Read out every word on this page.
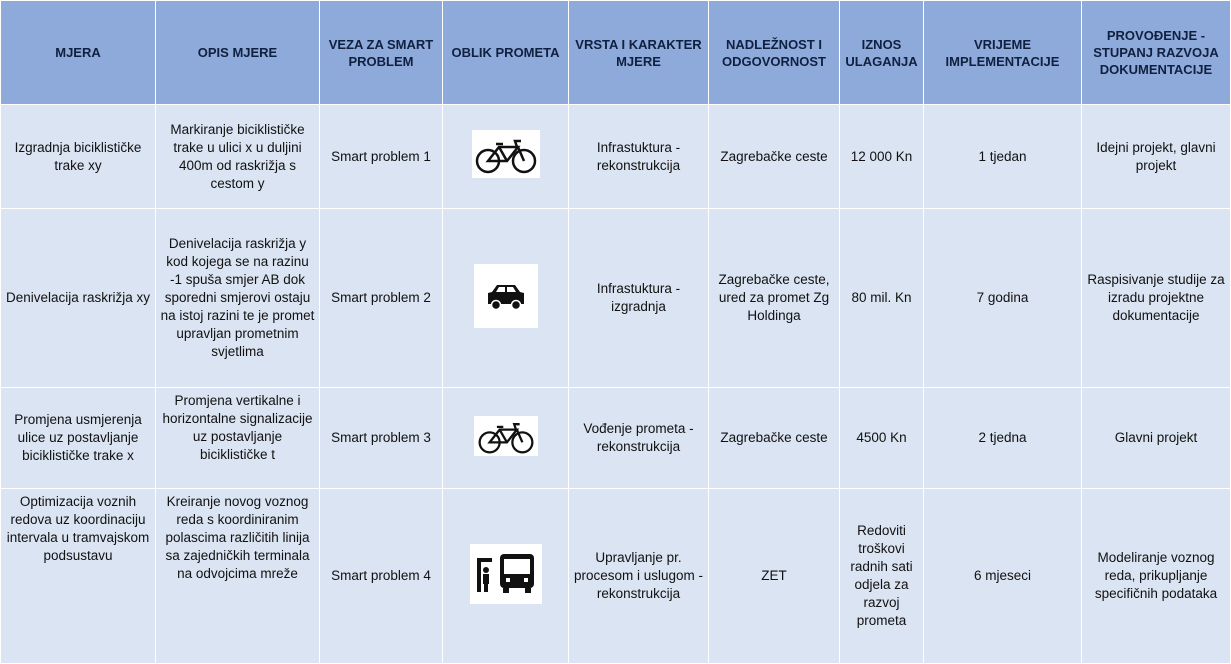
MJERA	OPIS MJERE	VEZA ZA SMART PROBLEM	OBLIK PROMETA	VRSTA I KARAKTER MJERE	NADLEŽNOST I ODGOVORNOST	IZNOS ULAGANJA	VRIJEME IMPLEMENTACIJE	PROVOĐENJE - STUPANJ RAZVOJA DOKUMENTACIJE
Izgradnja biciklističke trake xy	Markiranje biciklističke trake u ulici x u duljini 400m od raskrižja s cestom y	Smart problem 1		Infrastuktura - rekonstrukcija	Zagrebačke ceste	12 000 Kn	1 tjedan	Idejni projekt, glavni projekt
Denivelacija raskrižja xy	Denivelacija raskrižja y kod kojega se na razinu -1 spuša smjer AB dok sporedni smjerovi ostaju na istoj razini te je promet upravljan prometnim svjetlima	Smart problem 2		Infrastuktura - izgradnja	Zagrebačke ceste, ured za promet Zg Holdinga	80 mil. Kn	7 godina	Raspisivanje studije za izradu projektne dokumentacije
Promjena usmjerenja ulice uz postavljanje biciklističke trake x	Promjena vertikalne i horizontalne signalizacije uz postavljanje biciklističke t	Smart problem 3		Vođenje prometa - rekonstrukcija	Zagrebačke ceste	4500 Kn	2 tjedna	Glavni projekt
Optimizacija voznih redova uz koordinaciju intervala u tramvajskom podsustavu	Kreiranje novog voznog reda s koordiniranim polascima različitih linija sa zajedničkih terminala na odvojcima mreže	Smart problem 4		Upravljanje pr. procesom i uslugom - rekonstrukcija	ZET	Redoviti troškovi radnih sati odjela za razvoj prometa	6 mjeseci	Modeliranje voznog reda, prikupljanje specifičnih podataka
